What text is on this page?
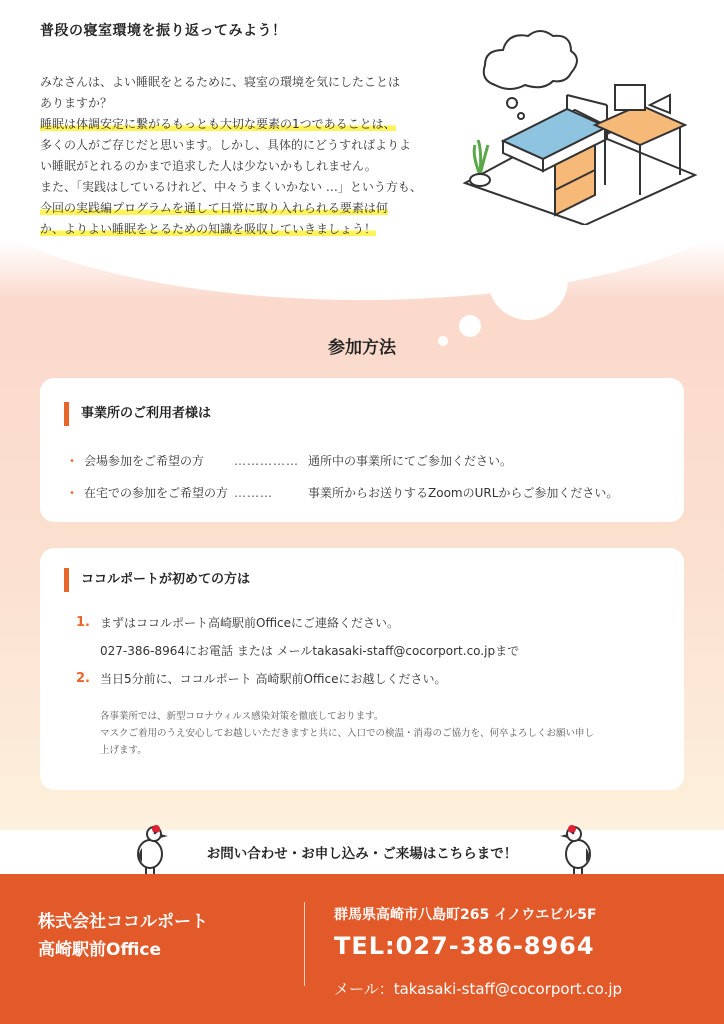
普段の寝室環境を振り返ってみよう！
みなさんは、よい睡眠をとるために、寝室の環境を気にしたことは
ありますか？
睡眠は体調安定に繋がるもっとも大切な要素の1つであることは、
多くの人がご存じだと思います。しかし、具体的にどうすればよりよ
い睡眠がとれるのかまで追求した人は少ないかもしれません。
また、「実践はしているけれど、中々うまくいかない …」という方も、
今回の実践編プログラムを通して日常に取り入れられる要素は何
か、よりよい睡眠をとるための知識を吸収していきましょう！
参加方法
事業所のご利用者様は
・ 会場参加をご希望の方	…………… 通所中の事業所にてご参加ください。
・ 在宅での参加をご希望の方 ………	事業所からお送りするZoomのURLからご参加ください。
ココルポートが初めての方は
1. まずはココルポート高崎駅前Officeにご連絡ください。
027-386-8964にお電話 または メールtakasaki-staff@cocorport.co.jpまで
2. 当日5分前に、ココルポート 高崎駅前Officeにお越しください。
各事業所では、新型コロナウィルス感染対策を徹底しております。
マスクご着用のうえ安心してお越しいただきますと共に、入口での検温・消毒のご協力を、何卒よろしくお願い申し
上げます。
お問い合わせ・お申し込み・ご来場はこちらまで！
株式会社ココルポート
高崎駅前Office
群馬県高崎市八島町265 イノウエビル5F
TEL:027-386-8964
メール：takasaki-staff@cocorport.co.jp
